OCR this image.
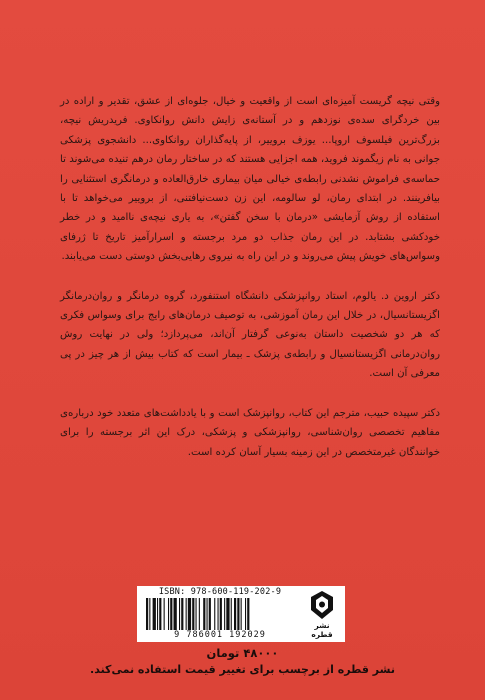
وقتی نیچه گریست آمیزه‌ای است از واقعیت و خیال، جلوه‌ای از عشق، تقدیر و اراده در بین خردگرای سده‌ی نوزدهم و در آستانه‌ی زایش دانش روانکاوی. فریدریش نیچه، بزرگ‌ترین فیلسوف اروپا... یوزف بروییر، از پایه‌گذاران روانکاوی... دانشجوی پزشکی جوانی به نام زیگموند فروید، همه اجزایی هستند که در ساختار رمان درهم تنیده می‌شوند تا حماسه‌ی فراموش نشدنی رابطه‌ی خیالی میان بیماری خارق‌العاده و درمانگری استثنایی را بیافرینند. در ابتدای رمان، لو سالومه، این زن دست‌نیافتنی، از بروییر می‌خواهد تا با استفاده از روش آزمایشی «درمان با سخن گفتن»، به یاری نیچه‌ی ناامید و در خطر خودکشی بشتابد. در این رمان جذاب دو مرد برجسته و اسرارآمیز تاریخ تا ژرفای وسواس‌های خویش پیش می‌روند و در این راه به نیروی رهایی‌بخش دوستی دست می‌یابند.

دکتر اروین د. یالوم، استاد روانپزشکی دانشگاه استنفورد، گروه درمانگر و روان‌درمانگر اگزیستانسیال، در خلال این رمان آموزشی، به توصیف درمان‌های رایج برای وسواس فکری که هر دو شخصیت داستان به‌نوعی گرفتار آن‌اند، می‌پردازد؛ ولی در نهایت روش روان‌درمانی اگزیستانسیال و رابطه‌ی پزشک ـ بیمار است که کتاب بیش از هر چیز در پی معرفی آن است.

دکتر سپیده حبیب، مترجم این کتاب، روانپزشک است و با یادداشت‌های متعدد خود درباره‌ی مفاهیم تخصصی روان‌شناسی، روانپزشکی و پزشکی، درک این اثر برجسته را برای خوانندگان غیرمتخصص در این زمینه بسیار آسان کرده است.

ISBN: 978-600-119-202-9
9 786001 192029
نشر قطره
۴۸۰۰۰ تومان
نشر قطره از برچسب برای تغییر قیمت استفاده نمی‌کند.
